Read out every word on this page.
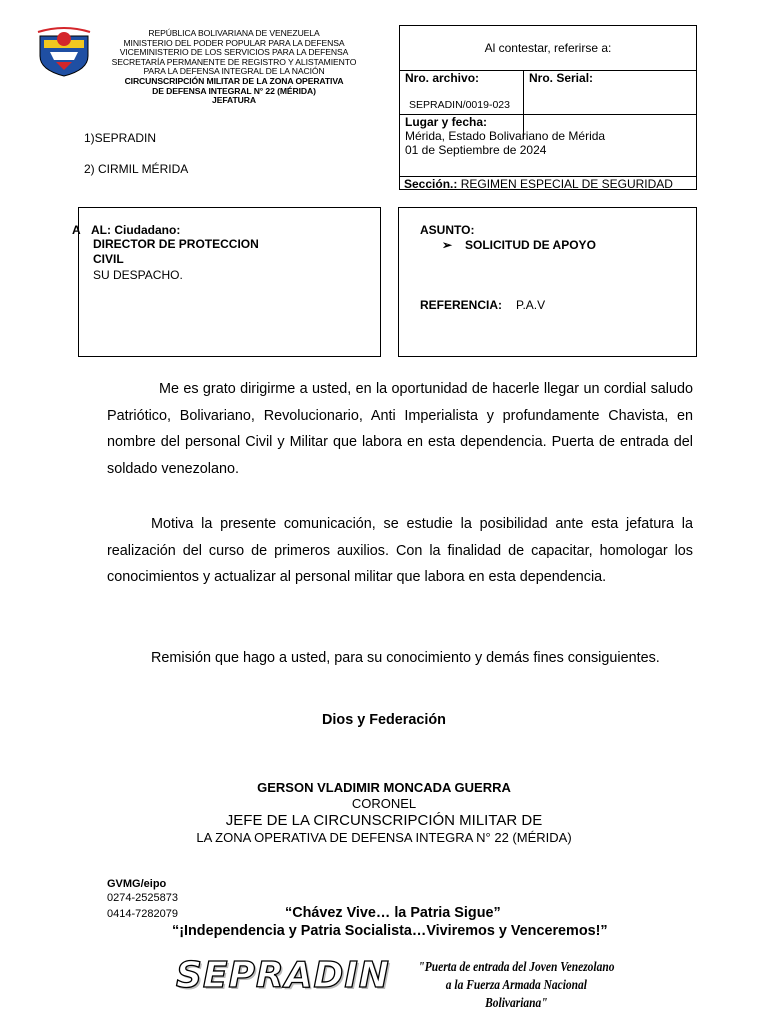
REPÚBLICA BOLIVARIANA DE VENEZUELA
MINISTERIO DEL PODER POPULAR PARA LA DEFENSA
VICEMINISTERIO DE LOS SERVICIOS PARA LA DEFENSA
SECRETARÍA PERMANENTE DE REGISTRO Y ALISTAMIENTO
PARA LA DEFENSA INTEGRAL DE LA NACIÓN
CIRCUNSCRIPCIÓN MILITAR DE LA ZONA OPERATIVA
DE DEFENSA INTEGRAL N° 22 (MÉRIDA)
JEFATURA
Al contestar, referirse a:
Nro. archivo:
SEPRADIN/0019-023
Nro. Serial:
Lugar y fecha:
Mérida, Estado Bolivariano de Mérida
01 de Septiembre de 2024
Sección.: REGIMEN ESPECIAL DE SEGURIDAD
1)SEPRADIN
2) CIRMIL MÉRIDA
A AL: Ciudadano:
DIRECTOR DE PROTECCION
CIVIL
SU DESPACHO.
ASUNTO:
➢ SOLICITUD DE APOYO
REFERENCIA: P.A.V
Me es grato dirigirme a usted, en la oportunidad de hacerle llegar un cordial saludo Patriótico, Bolivariano, Revolucionario, Anti Imperialista y profundamente Chavista, en nombre del personal Civil y Militar que labora en esta dependencia. Puerta de entrada del soldado venezolano.
Motiva la presente comunicación, se estudie la posibilidad ante esta jefatura la realización del curso de primeros auxilios. Con la finalidad de capacitar, homologar los conocimientos y actualizar al personal militar que labora en esta dependencia.
Remisión que hago a usted, para su conocimiento y demás fines consiguientes.
Dios y Federación
GERSON VLADIMIR MONCADA GUERRA
CORONEL
JEFE DE LA CIRCUNSCRIPCIÓN MILITAR DE
LA ZONA OPERATIVA DE DEFENSA INTEGRA N° 22 (MÉRIDA)
GVMG/eipo
0274-2525873
0414-7282079	“Chávez Vive… la Patria Sigue”
“¡Independencia y Patria Socialista…Viviremos y Venceremos!”
SEPRADIN "Puerta de entrada del Joven Venezolano
a la Fuerza Armada Nacional Bolivariana"
